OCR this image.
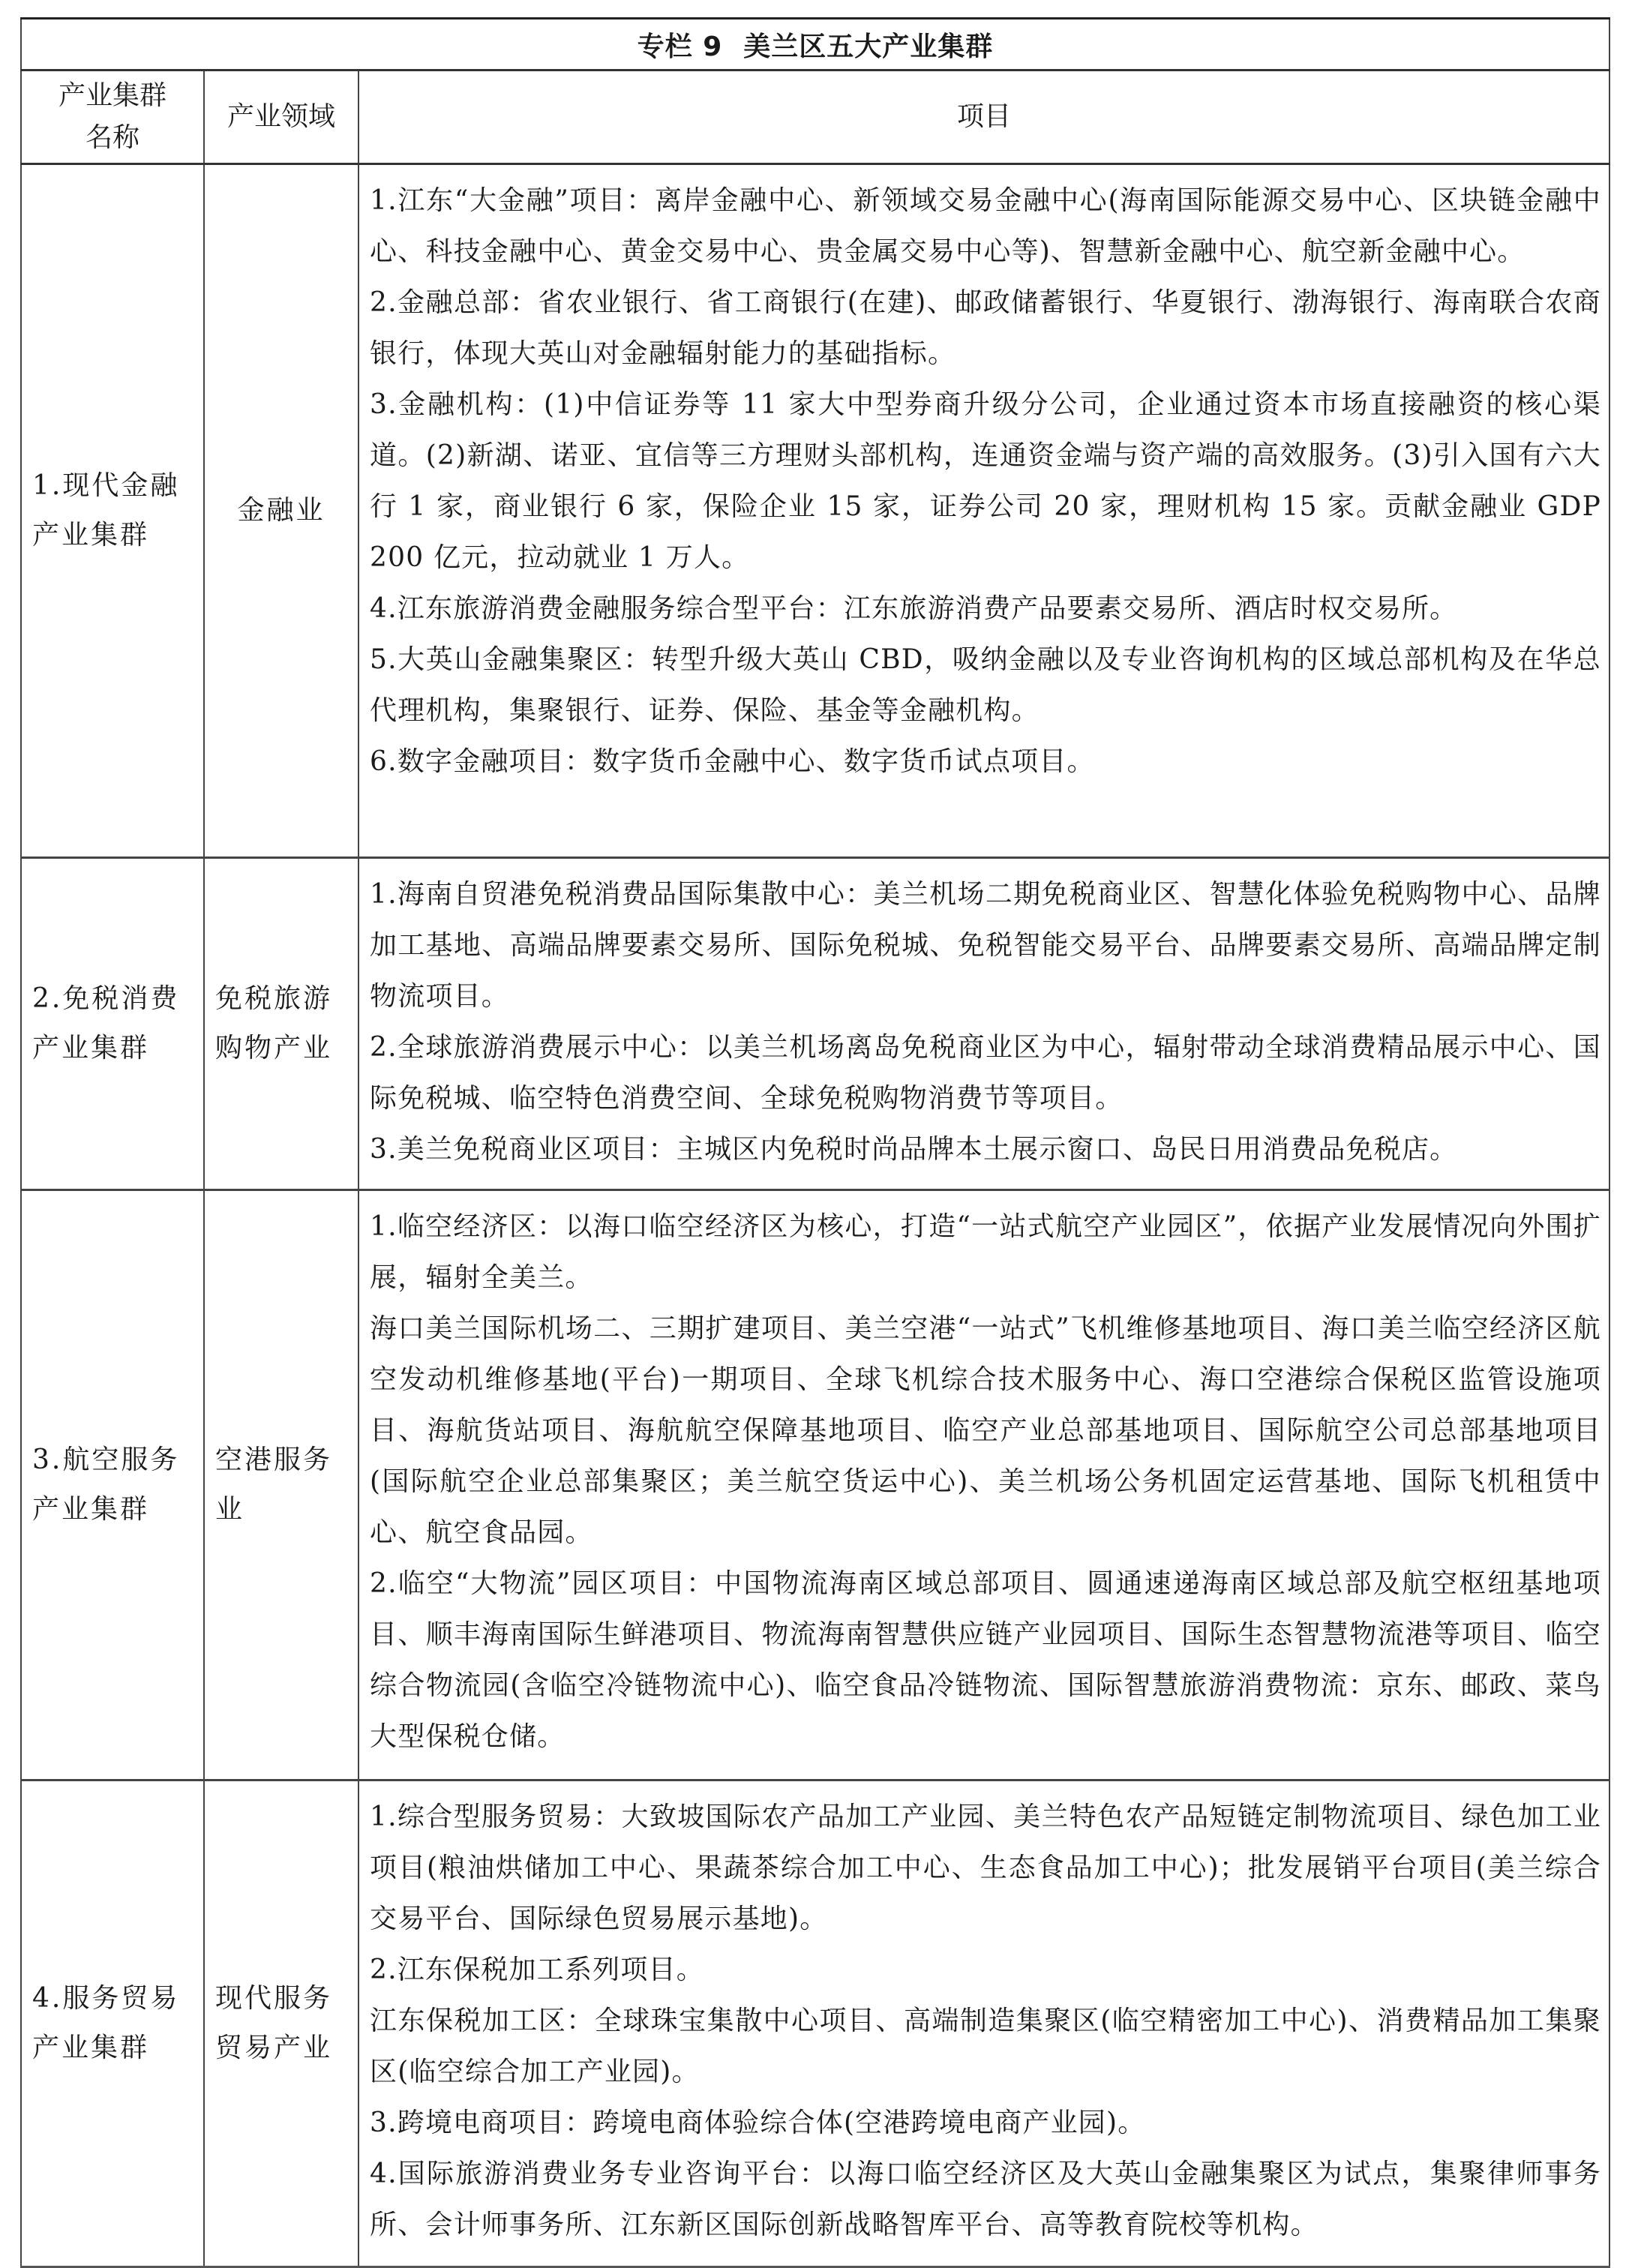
专栏 9 美兰区五大产业集群		
产业集群名称	产业领域	项目
1.现代金融产业集群	金融业	
1.江东“大金融”项目：离岸金融中心、新领域交易金融中心(海南国际能源交易中心、区块链金融中心、科技金融中心、黄金交易中心、贵金属交易中心等)、智慧新金融中心、航空新金融中心。
2.金融总部：省农业银行、省工商银行(在建)、邮政储蓄银行、华夏银行、渤海银行、海南联合农商银行，体现大英山对金融辐射能力的基础指标。
3.金融机构：(1)中信证券等 11 家大中型券商升级分公司，企业通过资本市场直接融资的核心渠道。(2)新湖、诺亚、宜信等三方理财头部机构，连通资金端与资产端的高效服务。(3)引入国有六大行 1 家，商业银行 6 家，保险企业 15 家，证券公司 20 家，理财机构 15 家。贡献金融业 GDP 200 亿元，拉动就业 1 万人。
4.江东旅游消费金融服务综合型平台：江东旅游消费产品要素交易所、酒店时权交易所。
5.大英山金融集聚区：转型升级大英山 CBD，吸纳金融以及专业咨询机构的区域总部机构及在华总代理机构，集聚银行、证券、保险、基金等金融机构。
6.数字金融项目：数字货币金融中心、数字货币试点项目。

2.免税消费产业集群	免税旅游购物产业	1.海南自贸港免税消费品国际集散中心：美兰机场二期免税商业区、智慧化体验免税购物中心、品牌加工基地、高端品牌要素交易所、国际免税城、免税智能交易平台、品牌要素交易所、高端品牌定制物流项目。
2.全球旅游消费展示中心：以美兰机场离岛免税商业区为中心，辐射带动全球消费精品展示中心、国际免税城、临空特色消费空间、全球免税购物消费节等项目。
3.美兰免税商业区项目：主城区内免税时尚品牌本土展示窗口、岛民日用消费品免税店。

3.航空服务产业集群	空港服务业	1.临空经济区：以海口临空经济区为核心，打造“一站式航空产业园区”，依据产业发展情况向外围扩展，辐射全美兰。
海口美兰国际机场二、三期扩建项目、美兰空港“一站式”飞机维修基地项目、海口美兰临空经济区航空发动机维修基地(平台)一期项目、全球飞机综合技术服务中心、海口空港综合保税区监管设施项目、海航货站项目、海航航空保障基地项目、临空产业总部基地项目、国际航空公司总部基地项目(国际航空企业总部集聚区；美兰航空货运中心)、美兰机场公务机固定运营基地、国际飞机租赁中心、航空食品园。
2.临空“大物流”园区项目：中国物流海南区域总部项目、圆通速递海南区域总部及航空枢纽基地项目、顺丰海南国际生鲜港项目、物流海南智慧供应链产业园项目、国际生态智慧物流港等项目、临空综合物流园(含临空冷链物流中心)、临空食品冷链物流、国际智慧旅游消费物流：京东、邮政、菜鸟大型保税仓储。

4.服务贸易产业集群	现代服务贸易产业	1.综合型服务贸易：大致坡国际农产品加工产业园、美兰特色农产品短链定制物流项目、绿色加工业项目(粮油烘储加工中心、果蔬茶综合加工中心、生态食品加工中心)；批发展销平台项目(美兰综合交易平台、国际绿色贸易展示基地)。
2.江东保税加工系列项目。
江东保税加工区：全球珠宝集散中心项目、高端制造集聚区(临空精密加工中心)、消费精品加工集聚区(临空综合加工产业园)。
3.跨境电商项目：跨境电商体验综合体(空港跨境电商产业园)。
4.国际旅游消费业务专业咨询平台：以海口临空经济区及大英山金融集聚区为试点，集聚律师事务所、会计师事务所、江东新区国际创新战略智库平台、高等教育院校等机构。
